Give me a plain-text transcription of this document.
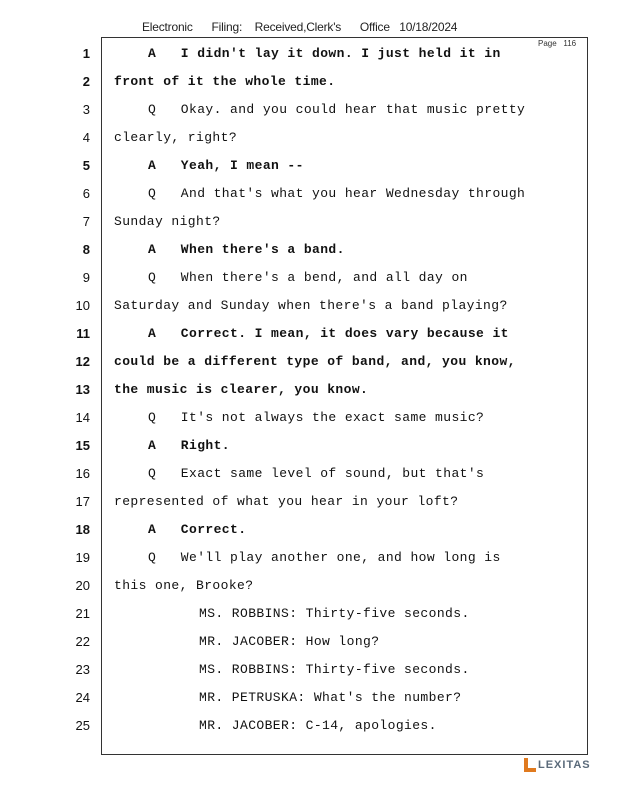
Electronic      Filing:    Received,Clerk's      Office   10/18/2024
Page   116
1	A   I didn't lay it down. I just held it in
2 front of it the whole time.
3	Q   Okay. and you could hear that music pretty
4 clearly, right?
5	A   Yeah, I mean --
6	Q   And that's what you hear Wednesday through
7 Sunday night?
8	A   When there's a band.
9	Q   When there's a bend, and all day on
10 Saturday and Sunday when there's a band playing?
11	A   Correct. I mean, it does vary because it
12 could be a different type of band, and, you know,
13 the music is clearer, you know.
14	Q   It's not always the exact same music?
15	A   Right.
16	Q   Exact same level of sound, but that's
17 represented of what you hear in your loft?
18	A   Correct.
19	Q   We'll play another one, and how long is
20 this one, Brooke?
21	MS. ROBBINS: Thirty-five seconds.
22	MR. JACOBER: How long?
23	MS. ROBBINS: Thirty-five seconds.
24	MR. PETRUSKA: What's the number?
25	MR. JACOBER: C-14, apologies.
LEXITAS
